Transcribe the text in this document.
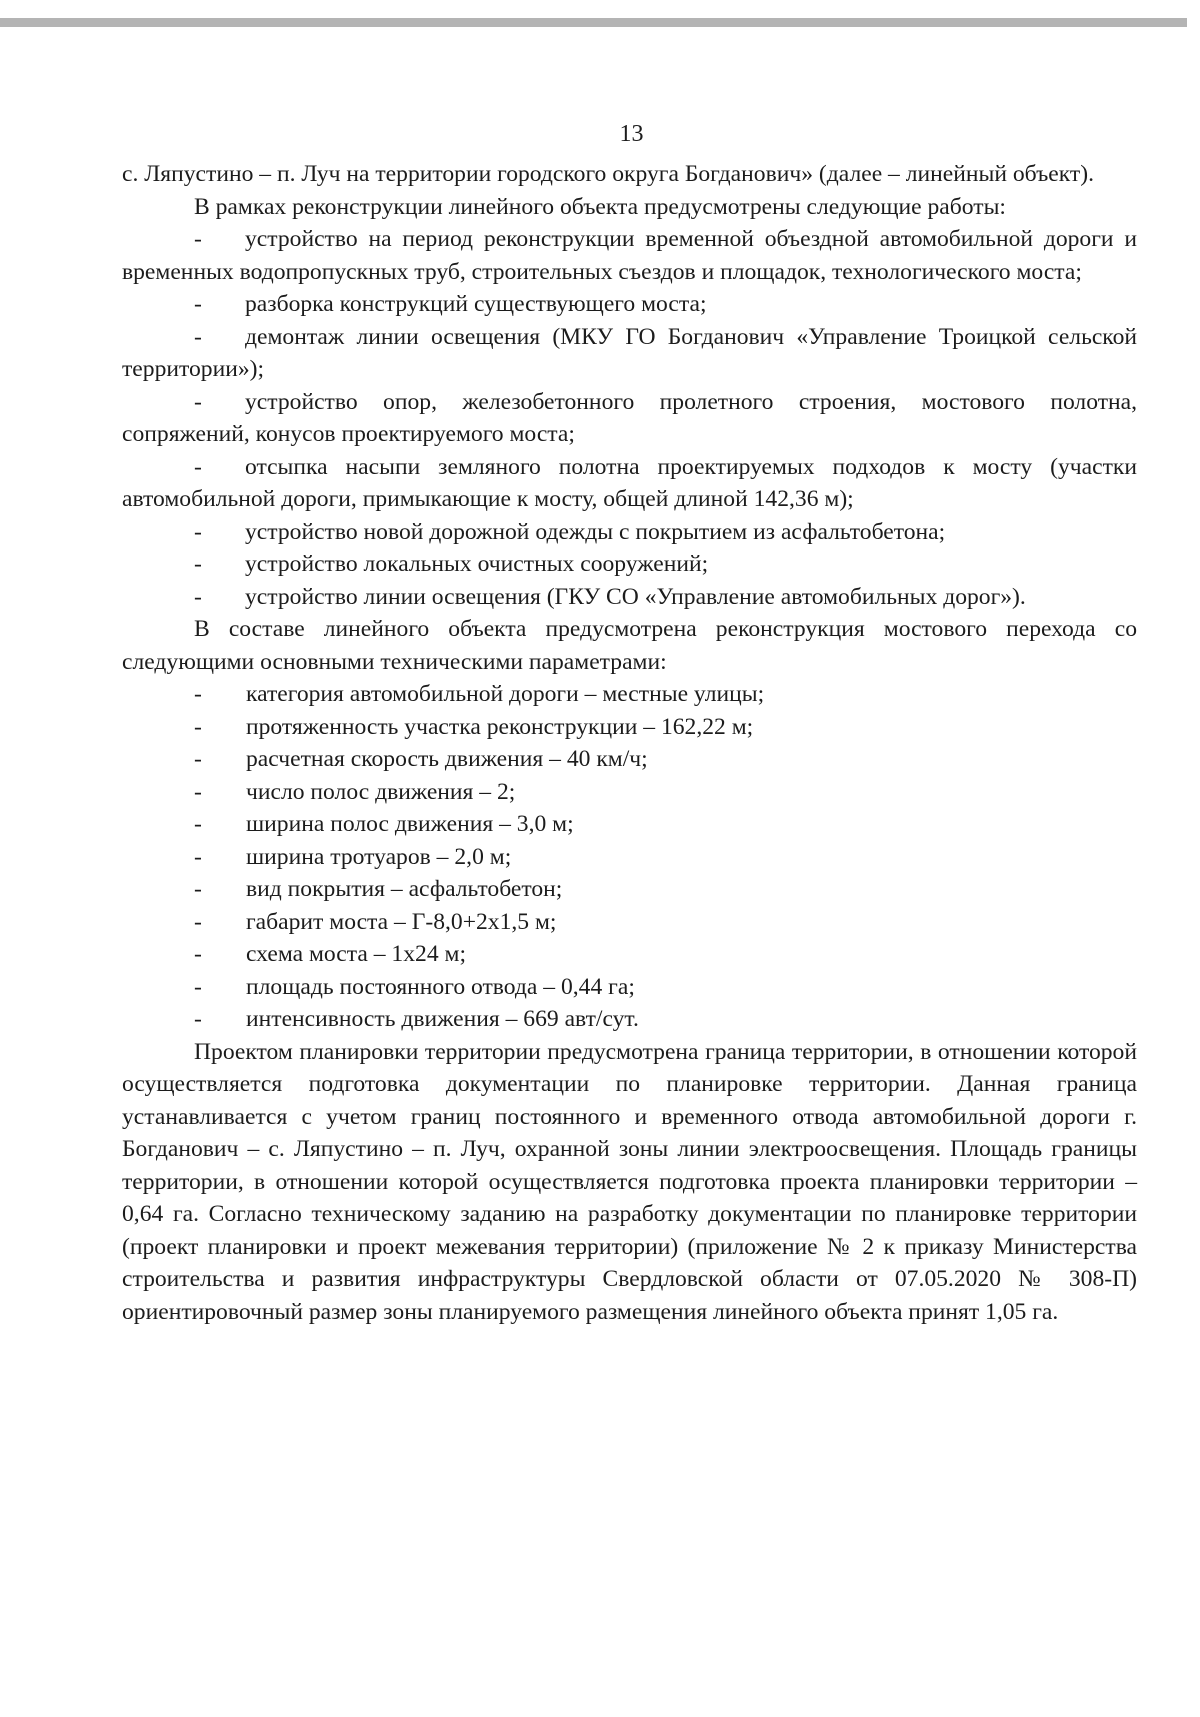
13

с. Ляпустино – п. Луч на территории городского округа Богданович» (далее – линейный объект).

В рамках реконструкции линейного объекта предусмотрены следующие работы:

- устройство на период реконструкции временной объездной автомобильной дороги и временных водопропускных труб, строительных съездов и площадок, технологического моста;

- разборка конструкций существующего моста;

- демонтаж линии освещения (МКУ ГО Богданович «Управление Троицкой сельской территории»);

- устройство опор, железобетонного пролетного строения, мостового полотна, сопряжений, конусов проектируемого моста;

- отсыпка насыпи земляного полотна проектируемых подходов к мосту (участки автомобильной дороги, примыкающие к мосту, общей длиной 142,36 м);

- устройство новой дорожной одежды с покрытием из асфальтобетона;

- устройство локальных очистных сооружений;

- устройство линии освещения (ГКУ СО «Управление автомобильных дорог»).

В составе линейного объекта предусмотрена реконструкция мостового перехода со следующими основными техническими параметрами:

- категория автомобильной дороги – местные улицы;
- протяженность участка реконструкции – 162,22 м;
- расчетная скорость движения – 40 км/ч;
- число полос движения – 2;
- ширина полос движения – 3,0 м;
- ширина тротуаров – 2,0 м;
- вид покрытия – асфальтобетон;
- габарит моста – Г-8,0+2х1,5 м;
- схема моста – 1х24 м;
- площадь постоянного отвода – 0,44 га;
- интенсивность движения – 669 авт/сут.

Проектом планировки территории предусмотрена граница территории, в отношении которой осуществляется подготовка документации по планировке территории. Данная граница устанавливается с учетом границ постоянного и временного отвода автомобильной дороги г. Богданович – с. Ляпустино – п. Луч, охранной зоны линии электроосвещения. Площадь границы территории, в отношении которой осуществляется подготовка проекта планировки территории – 0,64 га. Согласно техническому заданию на разработку документации по планировке территории (проект планировки и проект межевания территории) (приложение № 2 к приказу Министерства строительства и развития инфраструктуры Свердловской области от 07.05.2020 № 308-П) ориентировочный размер зоны планируемого размещения линейного объекта принят 1,05 га.
